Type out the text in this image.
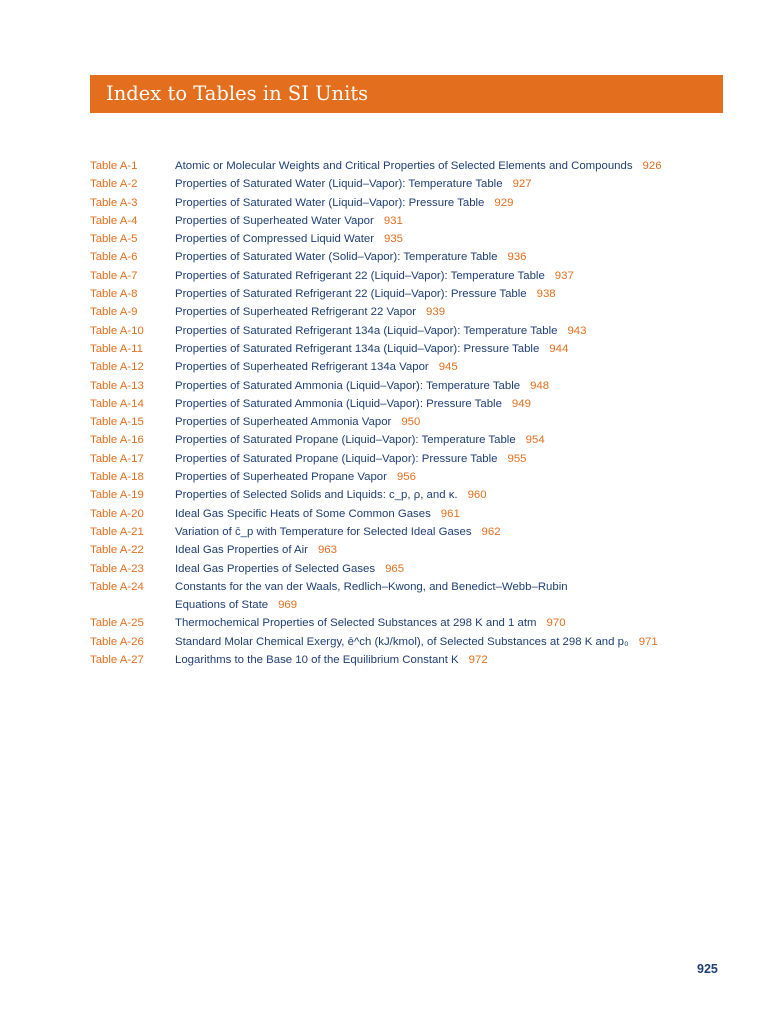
Index to Tables in SI Units
Table A-1	Atomic or Molecular Weights and Critical Properties of Selected Elements and Compounds 926
Table A-2	Properties of Saturated Water (Liquid–Vapor): Temperature Table 927
Table A-3	Properties of Saturated Water (Liquid–Vapor): Pressure Table 929
Table A-4	Properties of Superheated Water Vapor 931
Table A-5	Properties of Compressed Liquid Water 935
Table A-6	Properties of Saturated Water (Solid–Vapor): Temperature Table 936
Table A-7	Properties of Saturated Refrigerant 22 (Liquid–Vapor): Temperature Table 937
Table A-8	Properties of Saturated Refrigerant 22 (Liquid–Vapor): Pressure Table 938
Table A-9	Properties of Superheated Refrigerant 22 Vapor 939
Table A-10	Properties of Saturated Refrigerant 134a (Liquid–Vapor): Temperature Table 943
Table A-11	Properties of Saturated Refrigerant 134a (Liquid–Vapor): Pressure Table 944
Table A-12	Properties of Superheated Refrigerant 134a Vapor 945
Table A-13	Properties of Saturated Ammonia (Liquid–Vapor): Temperature Table 948
Table A-14	Properties of Saturated Ammonia (Liquid–Vapor): Pressure Table 949
Table A-15	Properties of Superheated Ammonia Vapor 950
Table A-16	Properties of Saturated Propane (Liquid–Vapor): Temperature Table 954
Table A-17	Properties of Saturated Propane (Liquid–Vapor): Pressure Table 955
Table A-18	Properties of Superheated Propane Vapor 956
Table A-19	Properties of Selected Solids and Liquids: c_p, ρ, and κ. 960
Table A-20	Ideal Gas Specific Heats of Some Common Gases 961
Table A-21	Variation of c̄_p with Temperature for Selected Ideal Gases 962
Table A-22	Ideal Gas Properties of Air 963
Table A-23	Ideal Gas Properties of Selected Gases 965
Table A-24	Constants for the van der Waals, Redlich–Kwong, and Benedict–Webb–Rubin
Equations of State 969
Table A-25	Thermochemical Properties of Selected Substances at 298 K and 1 atm 970
Table A-26	Standard Molar Chemical Exergy, ē^ch (kJ/kmol), of Selected Substances at 298 K and p₀ 971
Table A-27	Logarithms to the Base 10 of the Equilibrium Constant K 972
925
